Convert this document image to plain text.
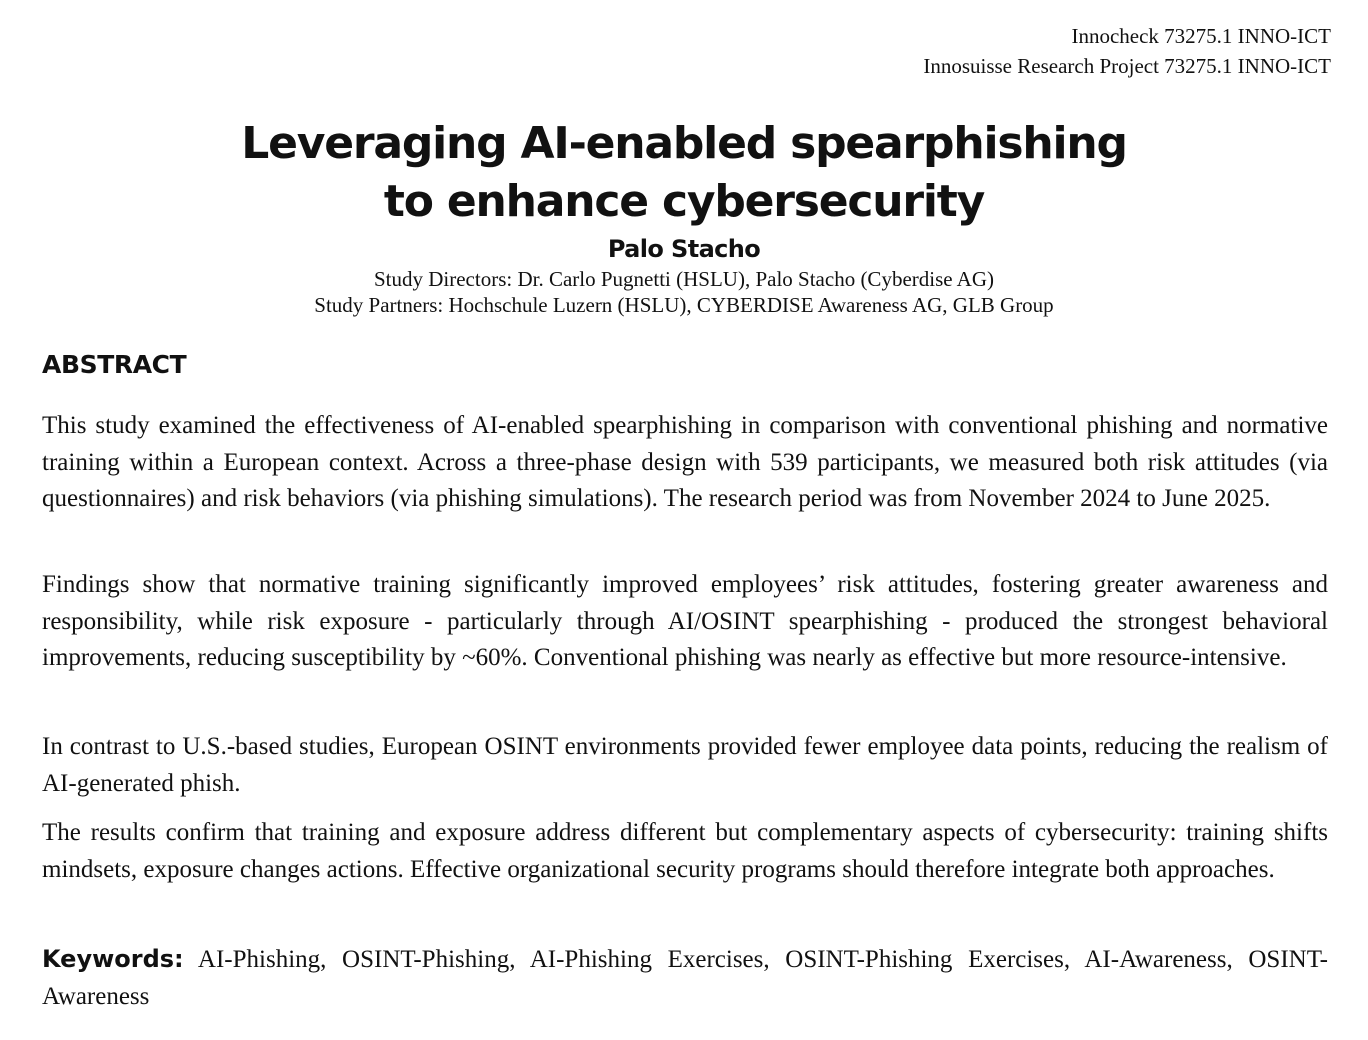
Innocheck 73275.1 INNO-ICT
Innosuisse Research Project 73275.1 INNO-ICT
Leveraging AI-enabled spearphishing
to enhance cybersecurity
Palo Stacho
Study Directors: Dr. Carlo Pugnetti (HSLU), Palo Stacho (Cyberdise AG)
Study Partners: Hochschule Luzern (HSLU), CYBERDISE Awareness AG, GLB Group
ABSTRACT

This study examined the effectiveness of AI-enabled spearphishing in comparison with conventional phishing and normative training within a European context. Across a three-phase design with 539 participants, we measured both risk attitudes (via questionnaires) and risk behaviors (via phishing simulations). The research period was from November 2024 to June 2025.

Findings show that normative training significantly improved employees’ risk attitudes, fostering greater awareness and responsibility, while risk exposure - particularly through AI/OSINT spearphishing - produced the strongest behavioral improvements, reducing susceptibility by ~60%. Conventional phishing was nearly as effective but more resource-intensive.

In contrast to U.S.-based studies, European OSINT environments provided fewer employee data points, reducing the realism of AI-generated phish.

The results confirm that training and exposure address different but complementary aspects of cybersecurity: training shifts mindsets, exposure changes actions. Effective organizational security programs should therefore integrate both approaches.

Keywords: AI-Phishing, OSINT-Phishing, AI-Phishing Exercises, OSINT-Phishing Exercises, AI-Awareness, OSINT-Awareness
